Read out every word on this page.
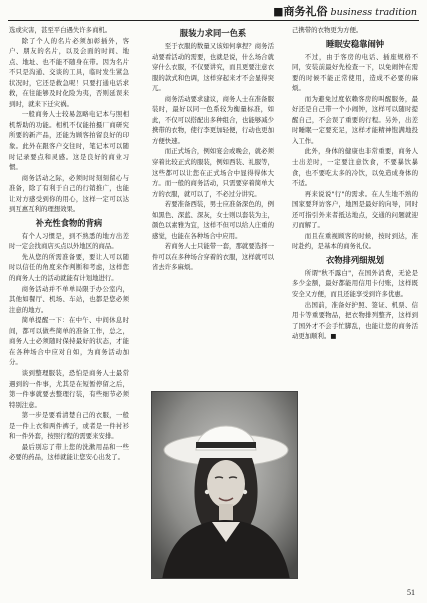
■商务礼俗 business tradition

选或灾害，甚至平白遇失许多商机。

除了个人的名片必须加彰插外，客户、朋友的名片，以及会面的时间、地点、地址、也不能不随身在带。因为名片不只是沟通、交谈的工具，临时发生紧急状况时，它还是救急呢！只要打通电话求救，在往能够及时化险为夷，否则延误来到时，就来下迁灾祸。

一般商务人士较易忽略电记本与照相机帮助的功能。相机不仅能拍摄厂商研究所要的新产品，还能为顾客拍留良好的印象。此外在跟客户交往时，笔记本可以随时记录要点和灵感。这是良好的商业习惯。

商务活动之际，必须时时刻刻留心与准备，除了有利于自己的行销推广，也能让对方感受到你的用心，这样一定可以达到互惠互利的理想效果。

补充性食物的背病

有个人习惯是，到不熟悉的地方出差时一定会找商店买点以外地区的商品。

先从您的所需准备要，要让人可以随时以信任的角度来作判断和考虑，这样您的商务人士的活动就能有计划地进行。

商务活动并不单单局限于办公室内，其他如餐厅、机场、车站，也都是您必须注意的地方。

简单提醒一下：在中午、中间休息时间，都可以做些简单的准备工作，总之，商务人士必须随时保持最好的状态，才能在各种场合中应对自如，为商务活动加分。

谈到整理服装，恐怕是商务人士最常遇到的一件事，尤其是在短暂停留之后，第一件事就要去整理行装，有些细节必须特别注意。

第一步是要看清楚自己的衣服，一般是一件上衣和两件裤子，或者是一件衬衫和一件外套，按照行程的需要来安排。

最后别忘了带上您的洗漱用品和一些必要的药品，这样就能让您安心出发了。

服装力求同一色系

至于衣服的数量又该如何拿捏？商务活动要看活动的需要，也就是说，什么场合就穿什么衣服，不仅要讲究，而且更要注意衣服的款式和色调，这样穿起来才不会显得突兀。

商务活动要求建议，商务人士在准备服装时，最好以同一色系较为衡量标准，如此，不仅可以搭配出多种组合，也能够减少携带的衣物，使行李更加轻便，行动也更加方便快速。

而正式场合，例如宴会或晚会，就必须穿着比较正式的服装，例如西装、礼服等，这些都可以让您在正式场合中显得得体大方。而一般的商务活动，只需要穿着简单大方的衣服，就可以了，不必过分讲究。

若要准备西装，男士应准备深色的，例如黑色、深蓝、深灰，女士则以套装为主，颜色以素雅为宜，这样不但可以给人庄重的感觉，也能在各种场合中应用。

若商务人士只能带一套，那就要选择一件可以在多种场合穿着的衣服，这样就可以省去许多麻烦。

己携带的衣物更为方便。

睡眠安稳靠闹钟

不过，由于客房的电话、插座规格不同，安装前最好先检查一下，以免闹钟在需要的时候不能正常使用，造成不必要的麻烦。

而为避免过度依赖客房的叫醒服务，最好还是自己带一个小闹钟，这样可以随时提醒自己，不会误了重要的行程。另外，出差时睡眠一定要充足，这样才能精神饱满地投入工作。

此外，身体的健康也非常重要，商务人士出差时，一定要注意饮食，不要暴饮暴食，也不要吃太多的冷饮，以免造成身体的不适。

再来说说"行"的需求。在人生地不熟的国家要拜访客户，地图是最好的向导，同时还可指引外来者抵达地点，交通的问题就迎刃而解了。

而且在重视顾客的时候，按时到达，准时赴约，是基本的商务礼仪。

衣物排列细规划

所谓"秋不露白"，在国外消费，无论是多少金额，最好都能用信用卡付账，这样既安全又方便，而且还能享受到许多优惠。

出国前，准备好护照、签证、机票、信用卡等重要物品，把衣物排列整齐，这样到了国外才不会手忙脚乱，也能让您的商务活动更加顺利。■

51
